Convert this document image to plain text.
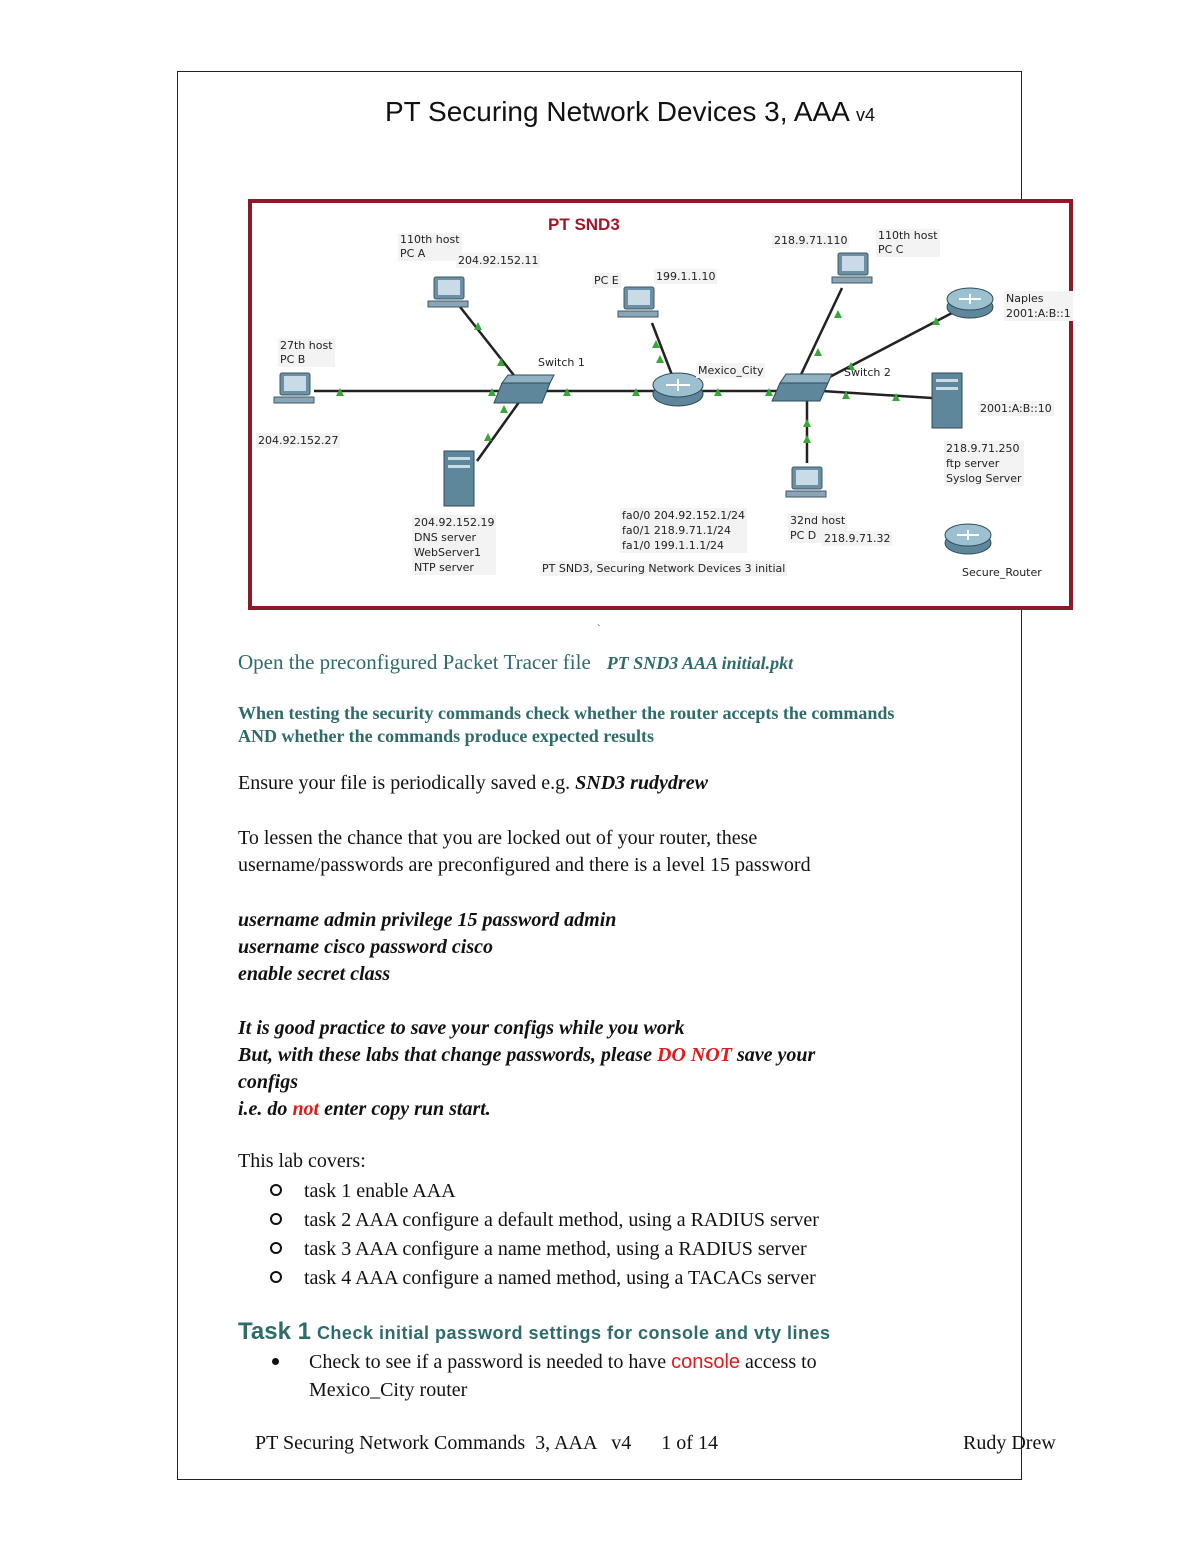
PT Securing Network Devices 3, AAA v4
PT SND3
110th host
PC A
204.92.152.11
27th host
PC B
204.92.152.27
Switch 1
204.92.152.19
DNS server
WebServer1
NTP server
PC E	199.1.1.10
Mexico_City
fa0/0 204.92.152.1/24
fa0/1 218.9.71.1/24
fa1/0 199.1.1.1/24
PT SND3, Securing Network Devices 3 initial
218.9.71.110	110th host
PC C
Naples
2001:A:B::1
Switch 2
2001:A:B::10
218.9.71.250
ftp server
Syslog Server
32nd host
PC D 218.9.71.32
Secure_Router
`
Open the preconfigured Packet Tracer file PT SND3 AAA initial.pkt
When testing the security commands check whether the router accepts the commands
AND whether the commands produce expected results
Ensure your file is periodically saved e.g. SND3 rudydrew
To lessen the chance that you are locked out of your router, these
username/passwords are preconfigured and there is a level 15 password
username admin privilege 15 password admin
username cisco password cisco
enable secret class
It is good practice to save your configs while you work
But, with these labs that change passwords, please DO NOT save your
configs
i.e. do not enter copy run start.
This lab covers:
task 1 enable AAA
task 2 AAA configure a default method, using a RADIUS server
task 3 AAA configure a name method, using a RADIUS server
task 4 AAA configure a named method, using a TACACs server
Task 1 Check initial password settings for console and vty lines
Check to see if a password is needed to have console access to
Mexico_City router
PT Securing Network Commands  3, AAA   v4      1 of 14	Rudy Drew
